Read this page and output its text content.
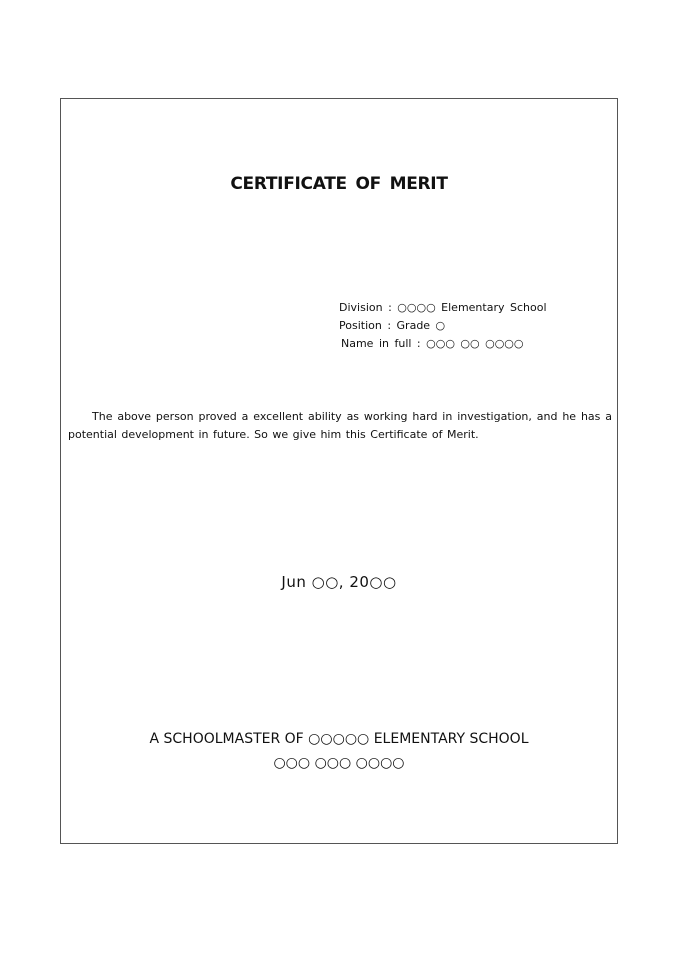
CERTIFICATE OF MERIT
Division : ○○○○ Elementary School
Position : Grade ○
Name in full : ○○○ ○○ ○○○○
The above person proved a excellent ability as working hard in investigation, and he has a potential development in future. So we give him this Certificate of Merit.
Jun ○○, 20○○
A SCHOOLMASTER OF ○○○○○ ELEMENTARY SCHOOL
○○○ ○○○ ○○○○
